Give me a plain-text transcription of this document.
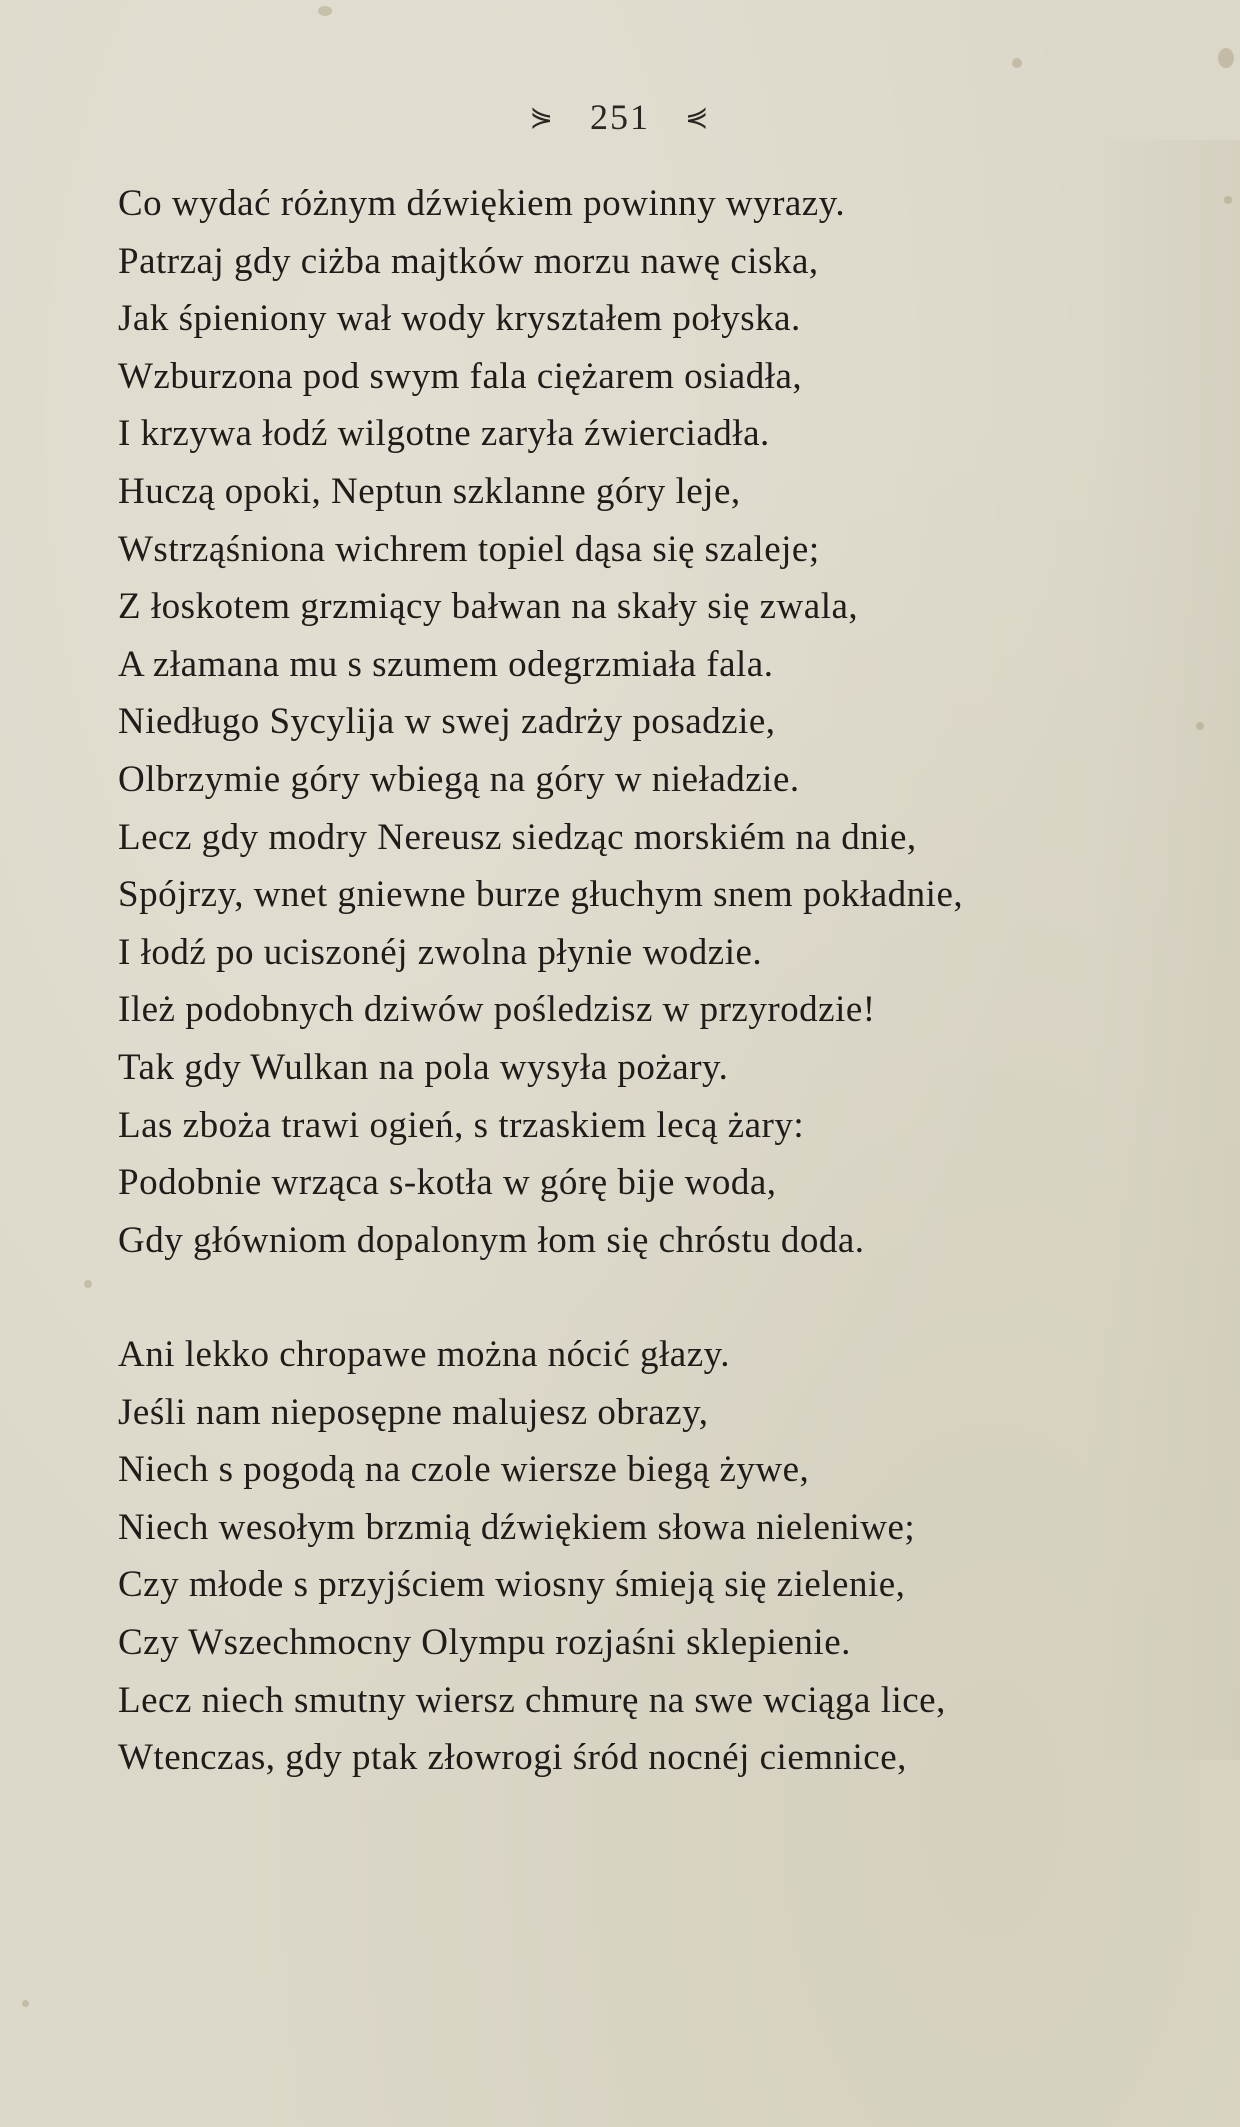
⋟ 251 ⋞
Co wydać różnym dźwiękiem powinny wyrazy.
Patrzaj gdy ciżba majtków morzu nawę ciska,
Jak śpieniony wał wody kryształem połyska.
Wzburzona pod swym fala ciężarem osiadła,
I krzywa łodź wilgotne zaryła źwierciadła.
Huczą opoki, Neptun szklanne góry leje,
Wstrząśniona wichrem topiel dąsa się szaleje;
Z łoskotem grzmiący bałwan na skały się zwala,
A złamana mu s szumem odegrzmiała fala.
Niedługo Sycylija w swej zadrży posadzie,
Olbrzymie góry wbiegą na góry w nieładzie.
Lecz gdy modry Nereusz siedząc morskiém na dnie,
Spójrzy, wnet gniewne burze głuchym snem pokładnie,
I łodź po uciszonéj zwolna płynie wodzie.
Ileż podobnych dziwów pośledzisz w przyrodzie!
Tak gdy Wulkan na pola wysyła pożary.
Las zboża trawi ogień, s trzaskiem lecą żary:
Podobnie wrząca s-kotła w górę bije woda,
Gdy główniom dopalonym łom się chróstu doda.
Ani lekko chropawe można nócić głazy.
Jeśli nam nieposępne malujesz obrazy,
Niech s pogodą na czole wiersze biegą żywe,
Niech wesołym brzmią dźwiękiem słowa nieleniwe;
Czy młode s przyjściem wiosny śmieją się zielenie,
Czy Wszechmocny Olympu rozjaśni sklepienie.
Lecz niech smutny wiersz chmurę na swe wciąga lice,
Wtenczas, gdy ptak złowrogi śród nocnéj ciemnice,
